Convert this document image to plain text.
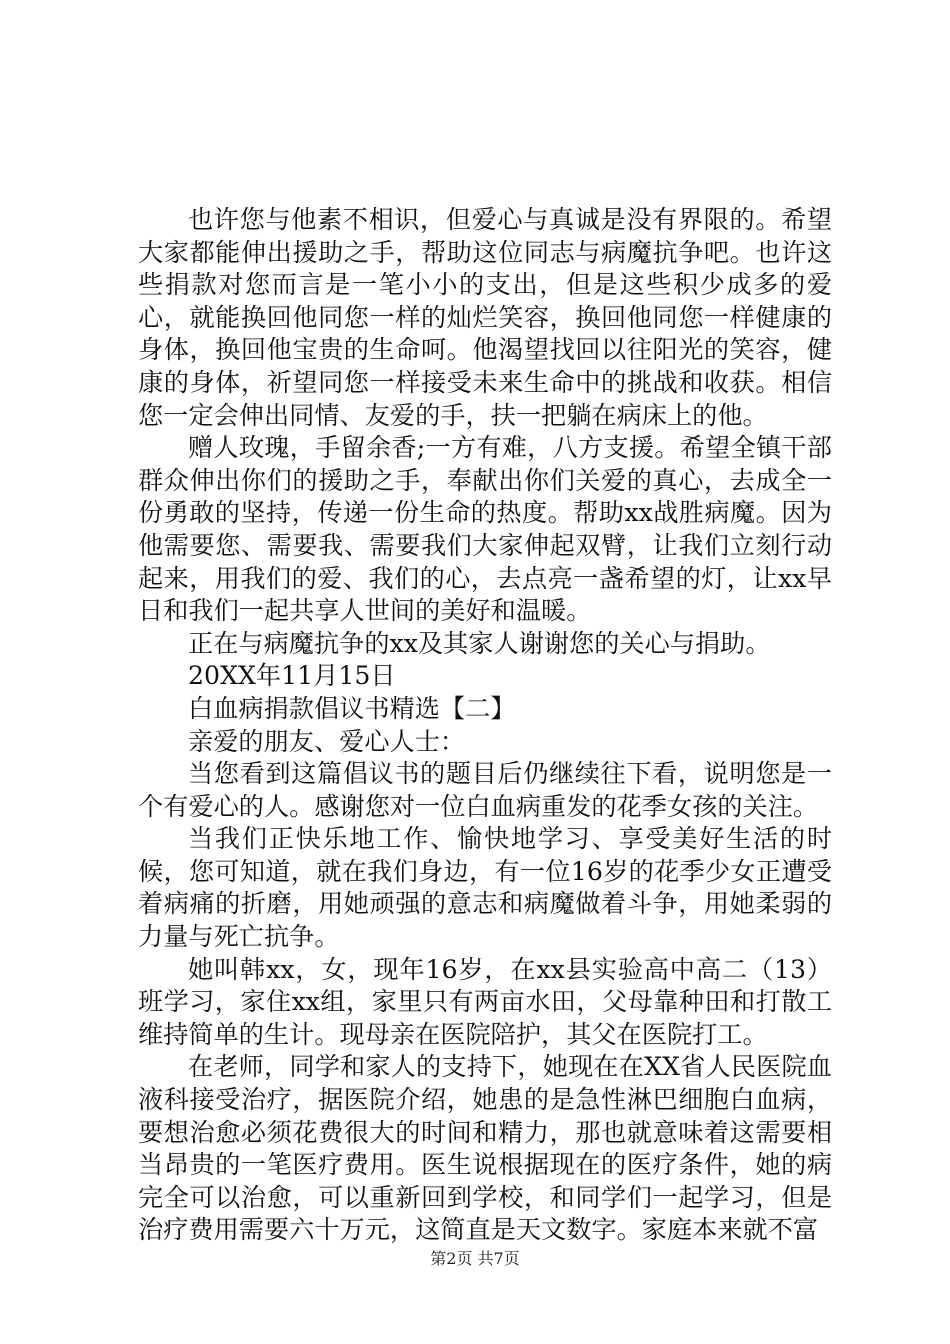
也许您与他素不相识，但爱心与真诚是没有界限的。希望大家都能伸出援助之手，帮助这位同志与病魔抗争吧。也许这些捐款对您而言是一笔小小的支出，但是这些积少成多的爱心，就能换回他同您一样的灿烂笑容，换回他同您一样健康的身体，换回他宝贵的生命呵。他渴望找回以往阳光的笑容，健康的身体，祈望同您一样接受未来生命中的挑战和收获。相信您一定会伸出同情、友爱的手，扶一把躺在病床上的他。

赠人玫瑰，手留余香;一方有难，八方支援。希望全镇干部群众伸出你们的援助之手，奉献出你们关爱的真心，去成全一份勇敢的坚持，传递一份生命的热度。帮助xx战胜病魔。因为他需要您、需要我、需要我们大家伸起双臂，让我们立刻行动起来，用我们的爱、我们的心，去点亮一盏希望的灯，让xx早日和我们一起共享人世间的美好和温暖。

正在与病魔抗争的xx及其家人谢谢您的关心与捐助。

20XX年11月15日

白血病捐款倡议书精选【二】

亲爱的朋友、爱心人士：

当您看到这篇倡议书的题目后仍继续往下看，说明您是一个有爱心的人。感谢您对一位白血病重发的花季女孩的关注。

当我们正快乐地工作、愉快地学习、享受美好生活的时候，您可知道，就在我们身边，有一位16岁的花季少女正遭受着病痛的折磨，用她顽强的意志和病魔做着斗争，用她柔弱的力量与死亡抗争。

她叫韩xx，女，现年16岁，在xx县实验高中高二（13）班学习，家住xx组，家里只有两亩水田，父母靠种田和打散工维持简单的生计。现母亲在医院陪护，其父在医院打工。

在老师，同学和家人的支持下，她现在在XX省人民医院血液科接受治疗，据医院介绍，她患的是急性淋巴细胞白血病，要想治愈必须花费很大的时间和精力，那也就意味着这需要相当昂贵的一笔医疗费用。医生说根据现在的医疗条件，她的病完全可以治愈，可以重新回到学校，和同学们一起学习，但是治疗费用需要六十万元，这简直是天文数字。家庭本来就不富

第2页 共7页
